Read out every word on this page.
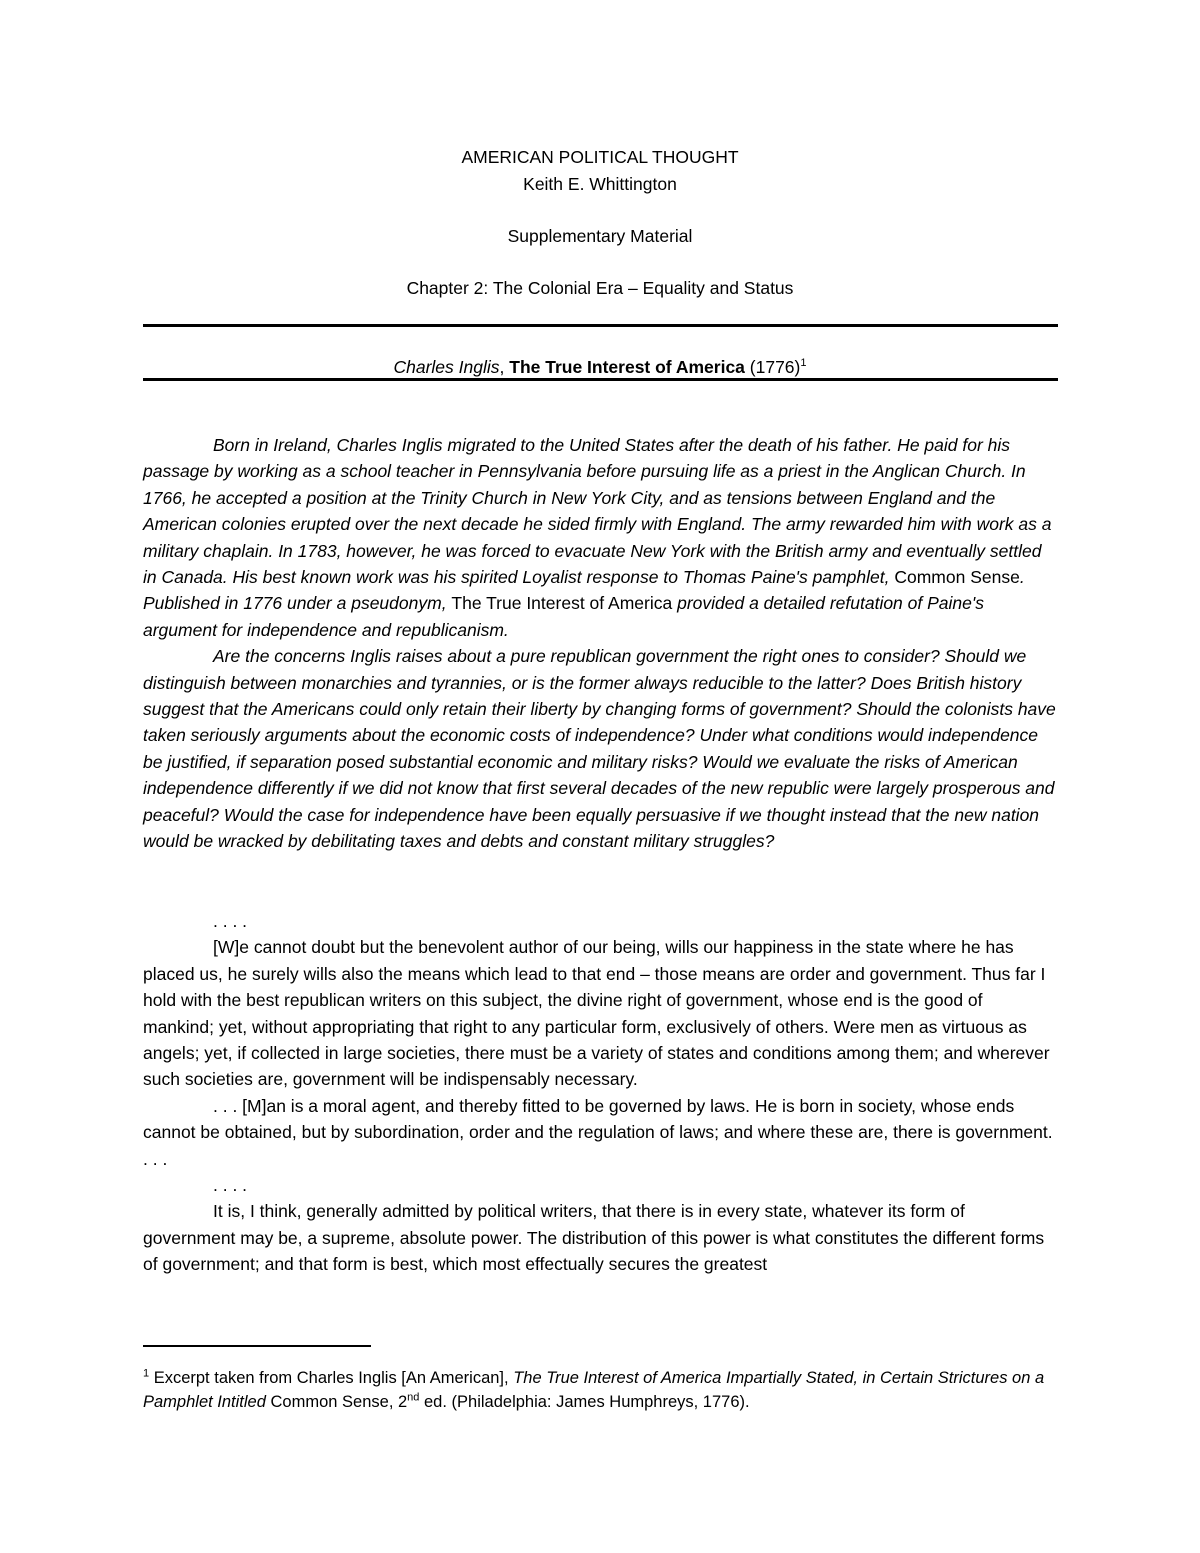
AMERICAN POLITICAL THOUGHT
Keith E. Whittington
Supplementary Material
Chapter 2: The Colonial Era – Equality and Status
Charles Inglis, The True Interest of America $(1776)^1$

Born in Ireland, Charles Inglis migrated to the United States after the death of his father. He paid for his passage by working as a school teacher in Pennsylvania before pursuing life as a priest in the Anglican Church. In 1766, he accepted a position at the Trinity Church in New York City, and as tensions between England and the American colonies erupted over the next decade he sided firmly with England. The army rewarded him with work as a military chaplain. In 1783, however, he was forced to evacuate New York with the British army and eventually settled in Canada. His best known work was his spirited Loyalist response to Thomas Paine's pamphlet, Common Sense. Published in 1776 under a pseudonym, The True Interest of America provided a detailed refutation of Paine's argument for independence and republicanism.

Are the concerns Inglis raises about a pure republican government the right ones to consider? Should we distinguish between monarchies and tyrannies, or is the former always reducible to the latter? Does British history suggest that the Americans could only retain their liberty by changing forms of government? Should the colonists have taken seriously arguments about the economic costs of independence? Under what conditions would independence be justified, if separation posed substantial economic and military risks? Would we evaluate the risks of American independence differently if we did not know that first several decades of the new republic were largely prosperous and peaceful? Would the case for independence have been equally persuasive if we thought instead that the new nation would be wracked by debilitating taxes and debts and constant military struggles?

. . . .

[W]e cannot doubt but the benevolent author of our being, wills our happiness in the state where he has placed us, he surely wills also the means which lead to that end – those means are order and government. Thus far I hold with the best republican writers on this subject, the divine right of government, whose end is the good of mankind; yet, without appropriating that right to any particular form, exclusively of others. Were men as virtuous as angels; yet, if collected in large societies, there must be a variety of states and conditions among them; and wherever such societies are, government will be indispensably necessary.

. . . [M]an is a moral agent, and thereby fitted to be governed by laws. He is born in society, whose ends cannot be obtained, but by subordination, order and the regulation of laws; and where these are, there is government. . . .

. . . .

It is, I think, generally admitted by political writers, that there is in every state, whatever its form of government may be, a supreme, absolute power. The distribution of this power is what constitutes the different forms of government; and that form is best, which most effectually secures the greatest

$^1$ Excerpt taken from Charles Inglis [An American], The True Interest of America Impartially Stated, in Certain Strictures on a Pamphlet Intitled Common Sense, 2nd ed. (Philadelphia: James Humphreys, 1776).
